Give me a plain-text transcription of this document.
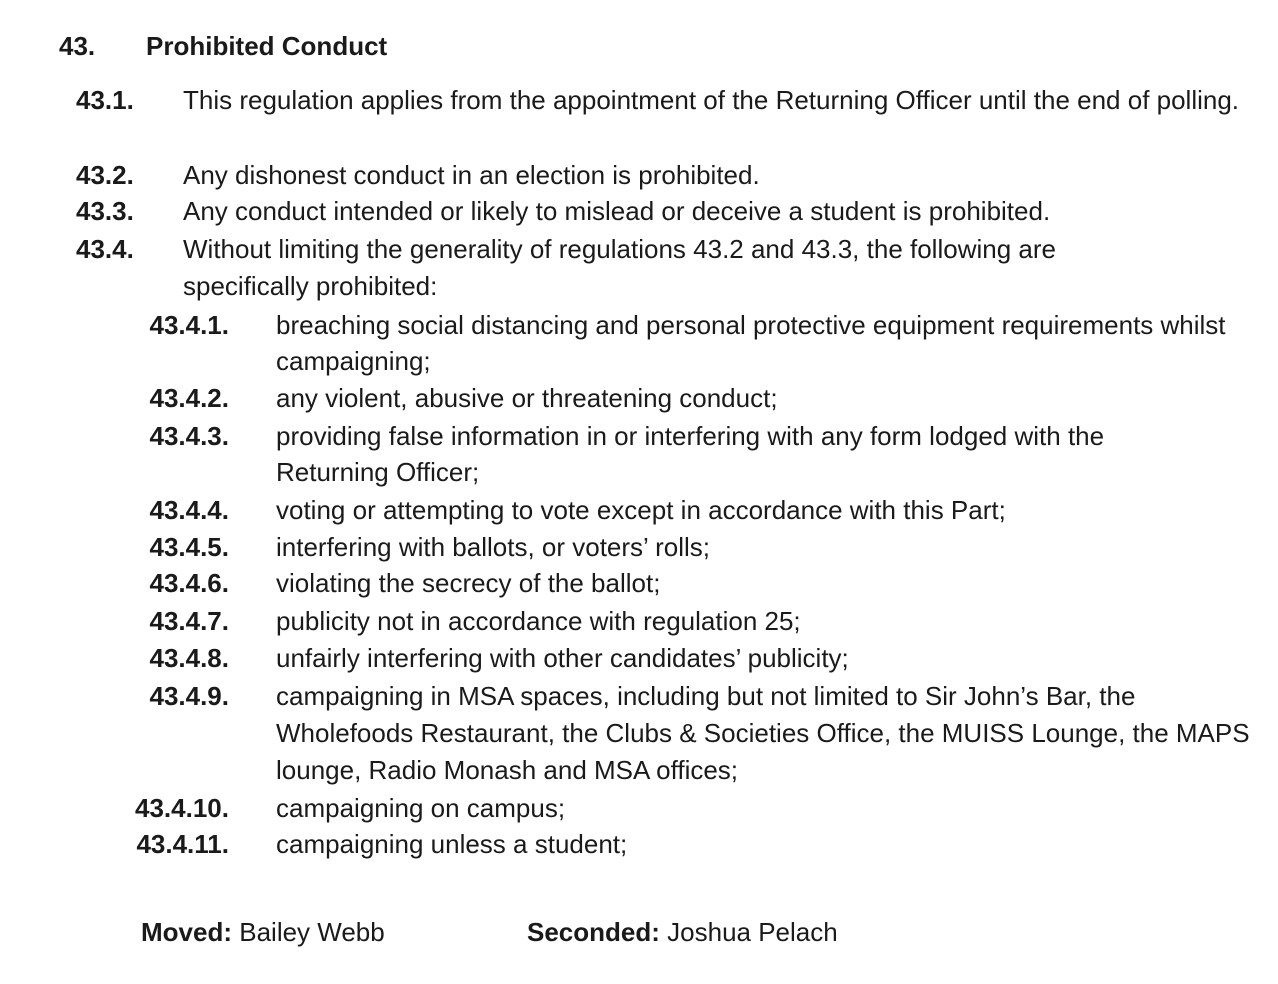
43. Prohibited Conduct
43.1. This regulation applies from the appointment of the Returning Officer until the end of polling.
43.2. Any dishonest conduct in an election is prohibited.
43.3. Any conduct intended or likely to mislead or deceive a student is prohibited.
43.4. Without limiting the generality of regulations 43.2 and 43.3, the following are specifically prohibited:
43.4.1. breaching social distancing and personal protective equipment requirements whilst campaigning;
43.4.2. any violent, abusive or threatening conduct;
43.4.3. providing false information in or interfering with any form lodged with the Returning Officer;
43.4.4. voting or attempting to vote except in accordance with this Part;
43.4.5. interfering with ballots, or voters’ rolls;
43.4.6. violating the secrecy of the ballot;
43.4.7. publicity not in accordance with regulation 25;
43.4.8. unfairly interfering with other candidates’ publicity;
43.4.9. campaigning in MSA spaces, including but not limited to Sir John’s Bar, the Wholefoods Restaurant, the Clubs & Societies Office, the MUISS Lounge, the MAPS lounge, Radio Monash and MSA offices;
43.4.10. campaigning on campus;
43.4.11. campaigning unless a student;
Moved: Bailey Webb	Seconded: Joshua Pelach
